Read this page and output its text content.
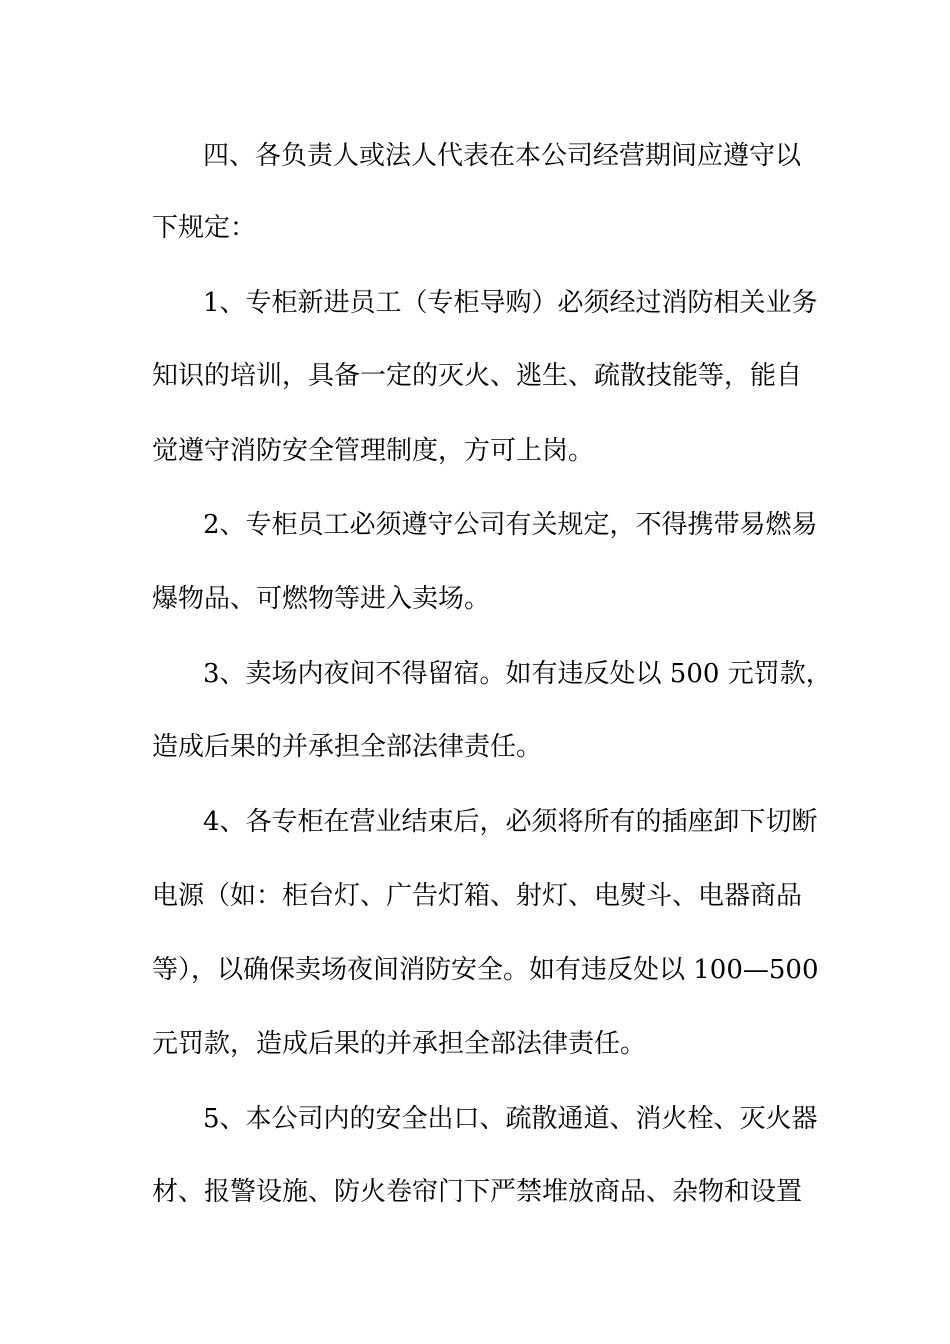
四、各负责人或法人代表在本公司经营期间应遵守以
下规定：
1、专柜新进员工（专柜导购）必须经过消防相关业务
知识的培训，具备一定的灭火、逃生、疏散技能等，能自
觉遵守消防安全管理制度，方可上岗。
2、专柜员工必须遵守公司有关规定，不得携带易燃易
爆物品、可燃物等进入卖场。
3、卖场内夜间不得留宿。如有违反处以 500 元罚款，
造成后果的并承担全部法律责任。
4、各专柜在营业结束后，必须将所有的插座卸下切断
电源（如：柜台灯、广告灯箱、射灯、电熨斗、电器商品
等），以确保卖场夜间消防安全。如有违反处以 100—500
元罚款，造成后果的并承担全部法律责任。
5、本公司内的安全出口、疏散通道、消火栓、灭火器
材、报警设施、防火卷帘门下严禁堆放商品、杂物和设置
